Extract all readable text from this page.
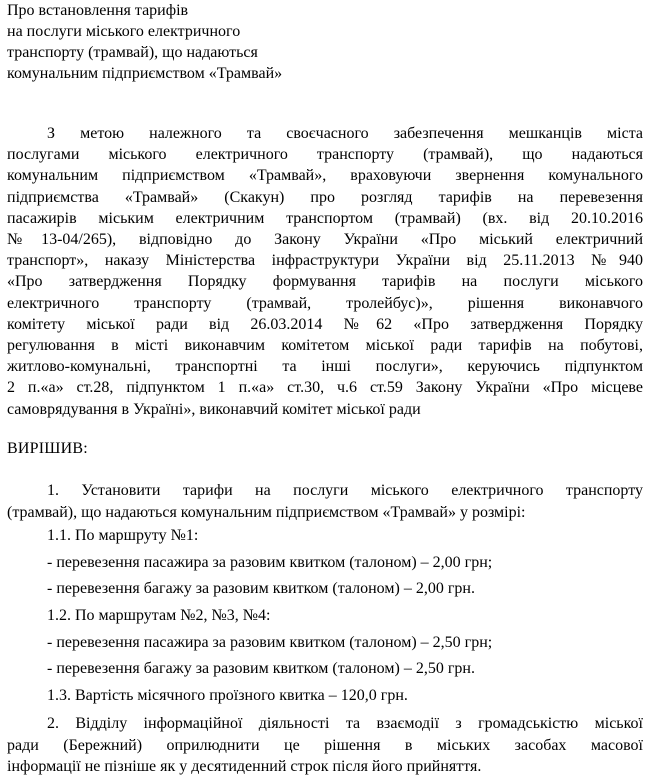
Про встановлення тарифів
на послуги міського електричного
транспорту (трамвай), що надаються
комунальним підприємством «Трамвай»
З метою належного та своєчасного забезпечення мешканців міста
послугами міського електричного транспорту (трамвай), що надаються
комунальним підприємством «Трамвай», враховуючи звернення комунального
підприємства «Трамвай» (Скакун) про розгляд тарифів на перевезення
пасажирів міським електричним транспортом (трамвай) (вх. від 20.10.2016
№13-04/265), відповідно до Закону України «Про міський електричний
транспорт», наказу Міністерства інфраструктури України від 25.11.2013 №940
«Про затвердження Порядку формування тарифів на послуги міського
електричного транспорту (трамвай, тролейбус)», рішення виконавчого
комітету міської ради від 26.03.2014 №62 «Про затвердження Порядку
регулювання в місті виконавчим комітетом міської ради тарифів на побутові,
житлово-комунальні, транспортні та інші послуги», керуючись підпунктом
2 п.«а» ст.28, підпунктом 1 п.«а» ст.30, ч.6 ст.59 Закону України «Про місцеве
самоврядування в Україні», виконавчий комітет міської ради
ВИРІШИВ:
1. Установити тарифи на послуги міського електричного транспорту
(трамвай), що надаються комунальним підприємством «Трамвай» у розмірі:
1.1. По маршруту №1:
- перевезення пасажира за разовим квитком (талоном) – 2,00 грн;
- перевезення багажу за разовим квитком (талоном) – 2,00 грн.
1.2. По маршрутам №2, №3, №4:
- перевезення пасажира за разовим квитком (талоном) – 2,50 грн;
- перевезення багажу за разовим квитком (талоном) – 2,50 грн.
1.3. Вартість місячного проїзного квитка – 120,0 грн.
2. Відділу інформаційної діяльності та взаємодії з громадськістю міської
ради (Бережний) оприлюднити це рішення в міських засобах масової
інформації не пізніше як у десятиденний строк після його прийняття.
